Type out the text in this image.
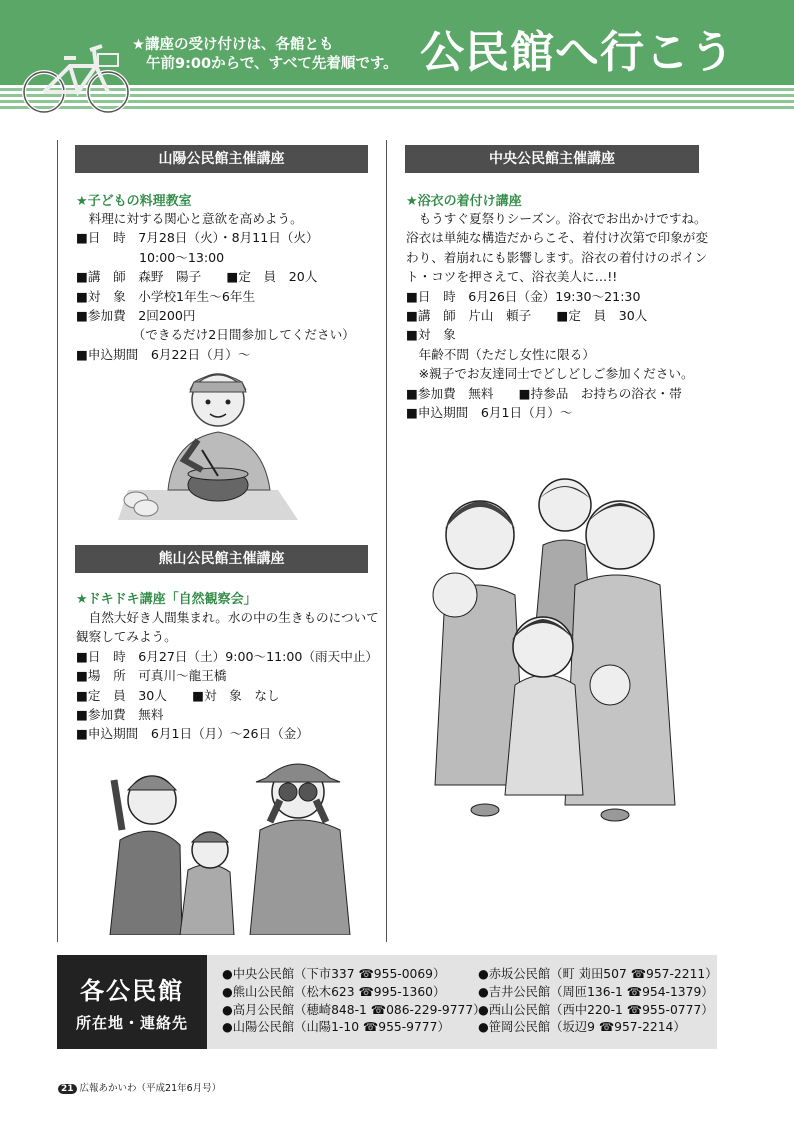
★講座の受け付けは、各館とも
午前9:00からで、すべて先着順です。 公民館へ行こう
山陽公民館主催講座
★子どもの料理教室
　料理に対する関心と意欲を高めよう。
■日　時　7月28日（火）・8月11日（火）
　　　　　10:00〜13:00
■講　師　森野　陽子　　■定　員　20人
■対　象　小学校1年生〜6年生
■参加費　2回200円
　　　　　（できるだけ2日間参加してください）
■申込期間　6月22日（月）〜
熊山公民館主催講座
★ドキドキ講座「自然観察会」
　自然大好き人間集まれ。水の中の生きものについて
観察してみよう。
■日　時　6月27日（土）9:00〜11:00（雨天中止）
■場　所　可真川〜龍王橋
■定　員　30人　　■対　象　なし
■参加費　無料
■申込期間　6月1日（月）〜26日（金）
中央公民館主催講座
★浴衣の着付け講座
　もうすぐ夏祭りシーズン。浴衣でお出かけですね。
浴衣は単純な構造だからこそ、着付け次第で印象が変
わり、着崩れにも影響します。浴衣の着付けのポイン
ト・コツを押さえて、浴衣美人に…!!
■日　時　6月26日（金）19:30〜21:30
■講　師　片山　頼子　　■定　員　30人
■対　象
　年齢不問（ただし女性に限る）
　※親子でお友達同士でどしどしご参加ください。
■参加費　無料　　■持参品　お持ちの浴衣・帯
■申込期間　6月1日（月）〜
各公民館
所在地・連絡先
●中央公民館（下市337 ☎955-0069）
●熊山公民館（松木623 ☎995-1360）
●高月公民館（穂崎848-1 ☎086-229-9777）
●山陽公民館（山陽1-10 ☎955-9777）
●赤坂公民館（町 苅田507 ☎957-2211）
●吉井公民館（周匝136-1 ☎954-1379）
●西山公民館（西中220-1 ☎955-0777）
●笹岡公民館（坂辺9 ☎957-2214）
21 広報あかいわ（平成21年6月号）
